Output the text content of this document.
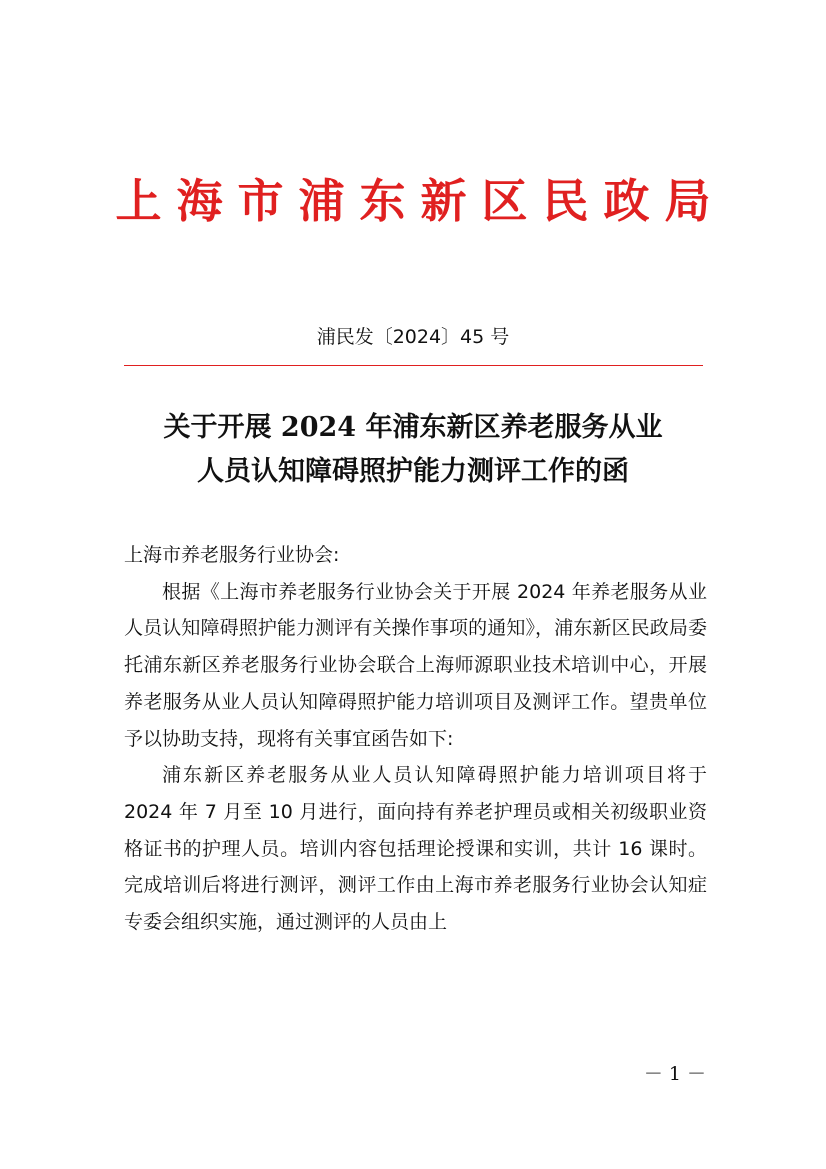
上海市浦东新区民政局
浦民发〔2024〕45 号
关于开展 2024 年浦东新区养老服务从业
人员认知障碍照护能力测评工作的函

上海市养老服务行业协会:

根据《上海市养老服务行业协会关于开展 2024 年养老服务从业人员认知障碍照护能力测评有关操作事项的通知》，浦东新区民政局委托浦东新区养老服务行业协会联合上海师源职业技术培训中心，开展养老服务从业人员认知障碍照护能力培训项目及测评工作。望贵单位予以协助支持，现将有关事宜函告如下:

浦东新区养老服务从业人员认知障碍照护能力培训项目将于 2024 年 7 月至 10 月进行，面向持有养老护理员或相关初级职业资格证书的护理人员。培训内容包括理论授课和实训，共计 16 课时。完成培训后将进行测评，测评工作由上海市养老服务行业协会认知症专委会组织实施，通过测评的人员由上

－ 1 －
